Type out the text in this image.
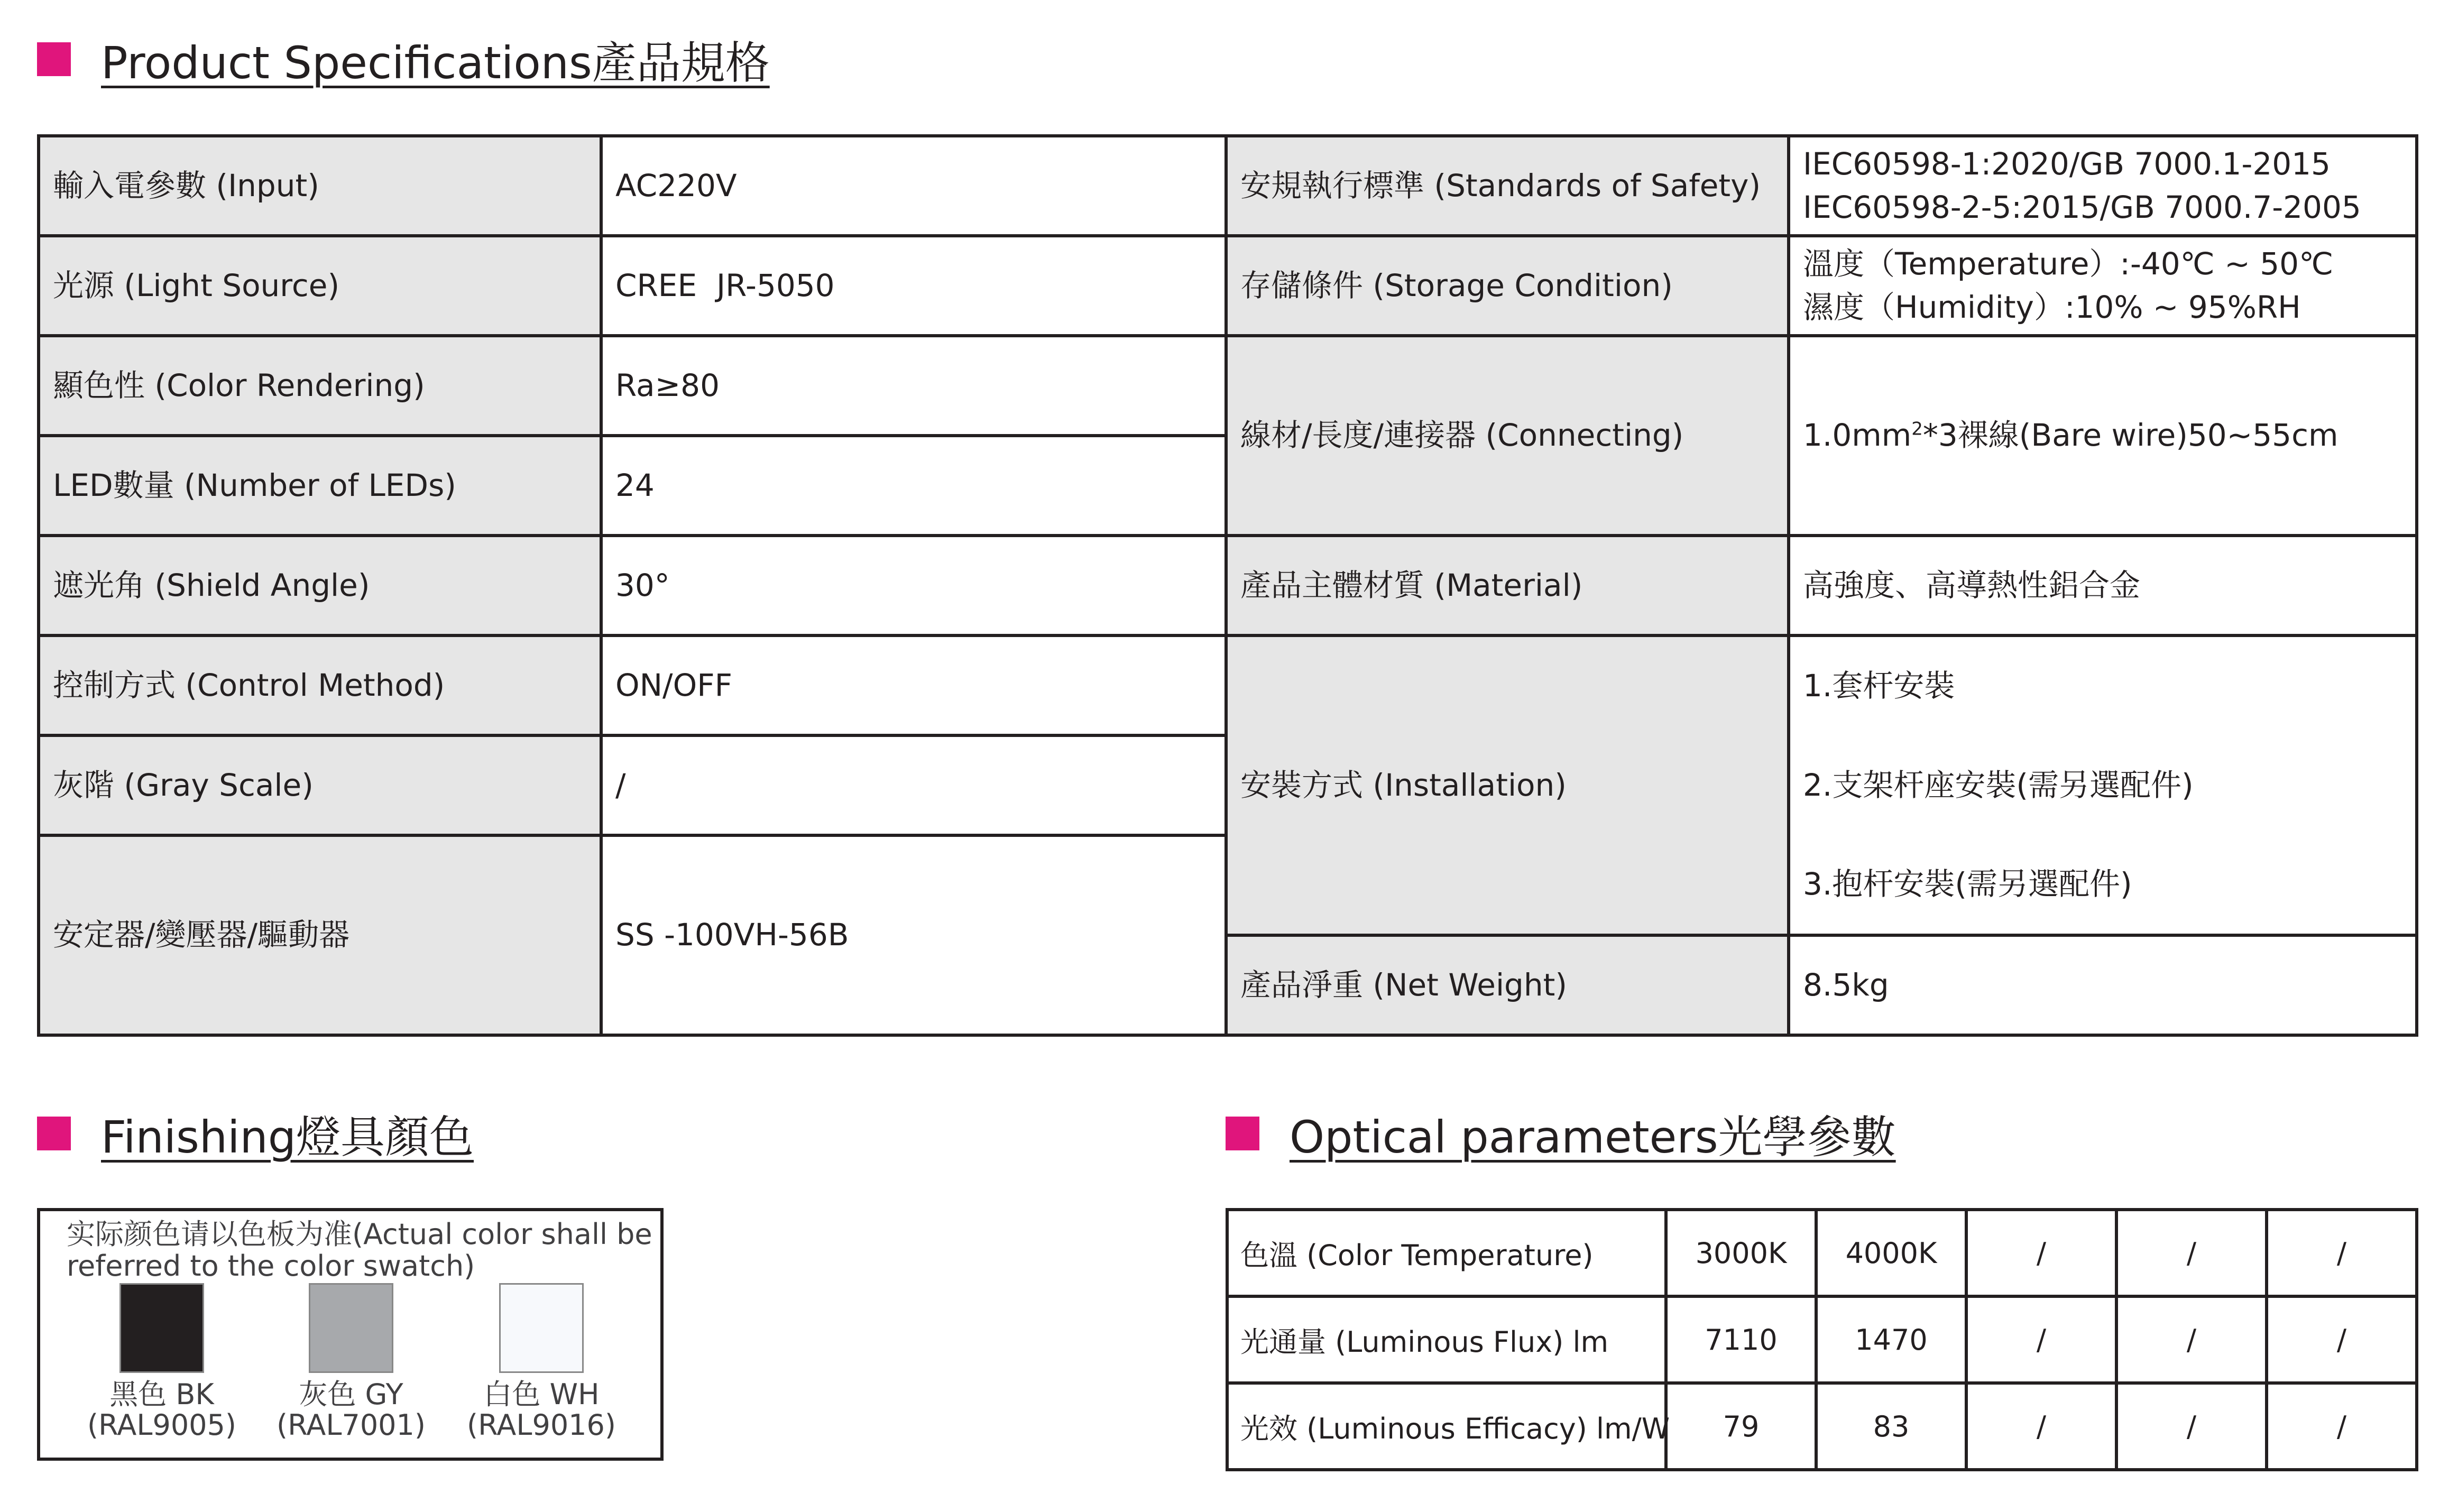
Product Specifications產品規格
輸入電參數 (Input)	AC220V	安規執行標準 (Standards of Safety)	IEC60598-1:2020/GB 7000.1-2015
IEC60598-2-5:2015/GB 7000.7-2005

光源 (Light Source)	CREE  JR-5050	存儲條件 (Storage Condition)	溫度（Temperature）:-40℃ ~ 50℃
濕度（Humidity）:10% ~ 95%RH

顯色性 (Color Rendering)	Ra≥80	線材/長度/連接器 (Connecting)	$1.0mm^2*3$裸線(Bare wire)50~55cm
LED數量 (Number of LEDs)	24		
遮光角 (Shield Angle)	30°	產品主體材質 (Material)	高強度、高導熱性鋁合金
控制方式 (Control Method)	ON/OFF	安裝方式 (Installation)	1.套杆安裝
灰階 (Gray Scale)	/		2.支架杆座安裝(需另選配件)
安定器/變壓器/驅動器	SS -100VH-56B		3.抱杆安裝(需另選配件)
		產品淨重 (Net Weight)	8.5kg
Finishing燈具顏色	Optical parameters光學參數
实际颜色请以色板为准(Actual color shall be referred to the color swatch)
黑色 BK
(RAL9005)
灰色 GY
(RAL7001)
白色 WH
(RAL9016)
色溫 (Color Temperature)	3000K	4000K	/	/	/
光通量 (Luminous Flux) lm	7110	1470	/	/	/
光效 (Luminous Efficacy) lm/W	79	83	/	/	/
